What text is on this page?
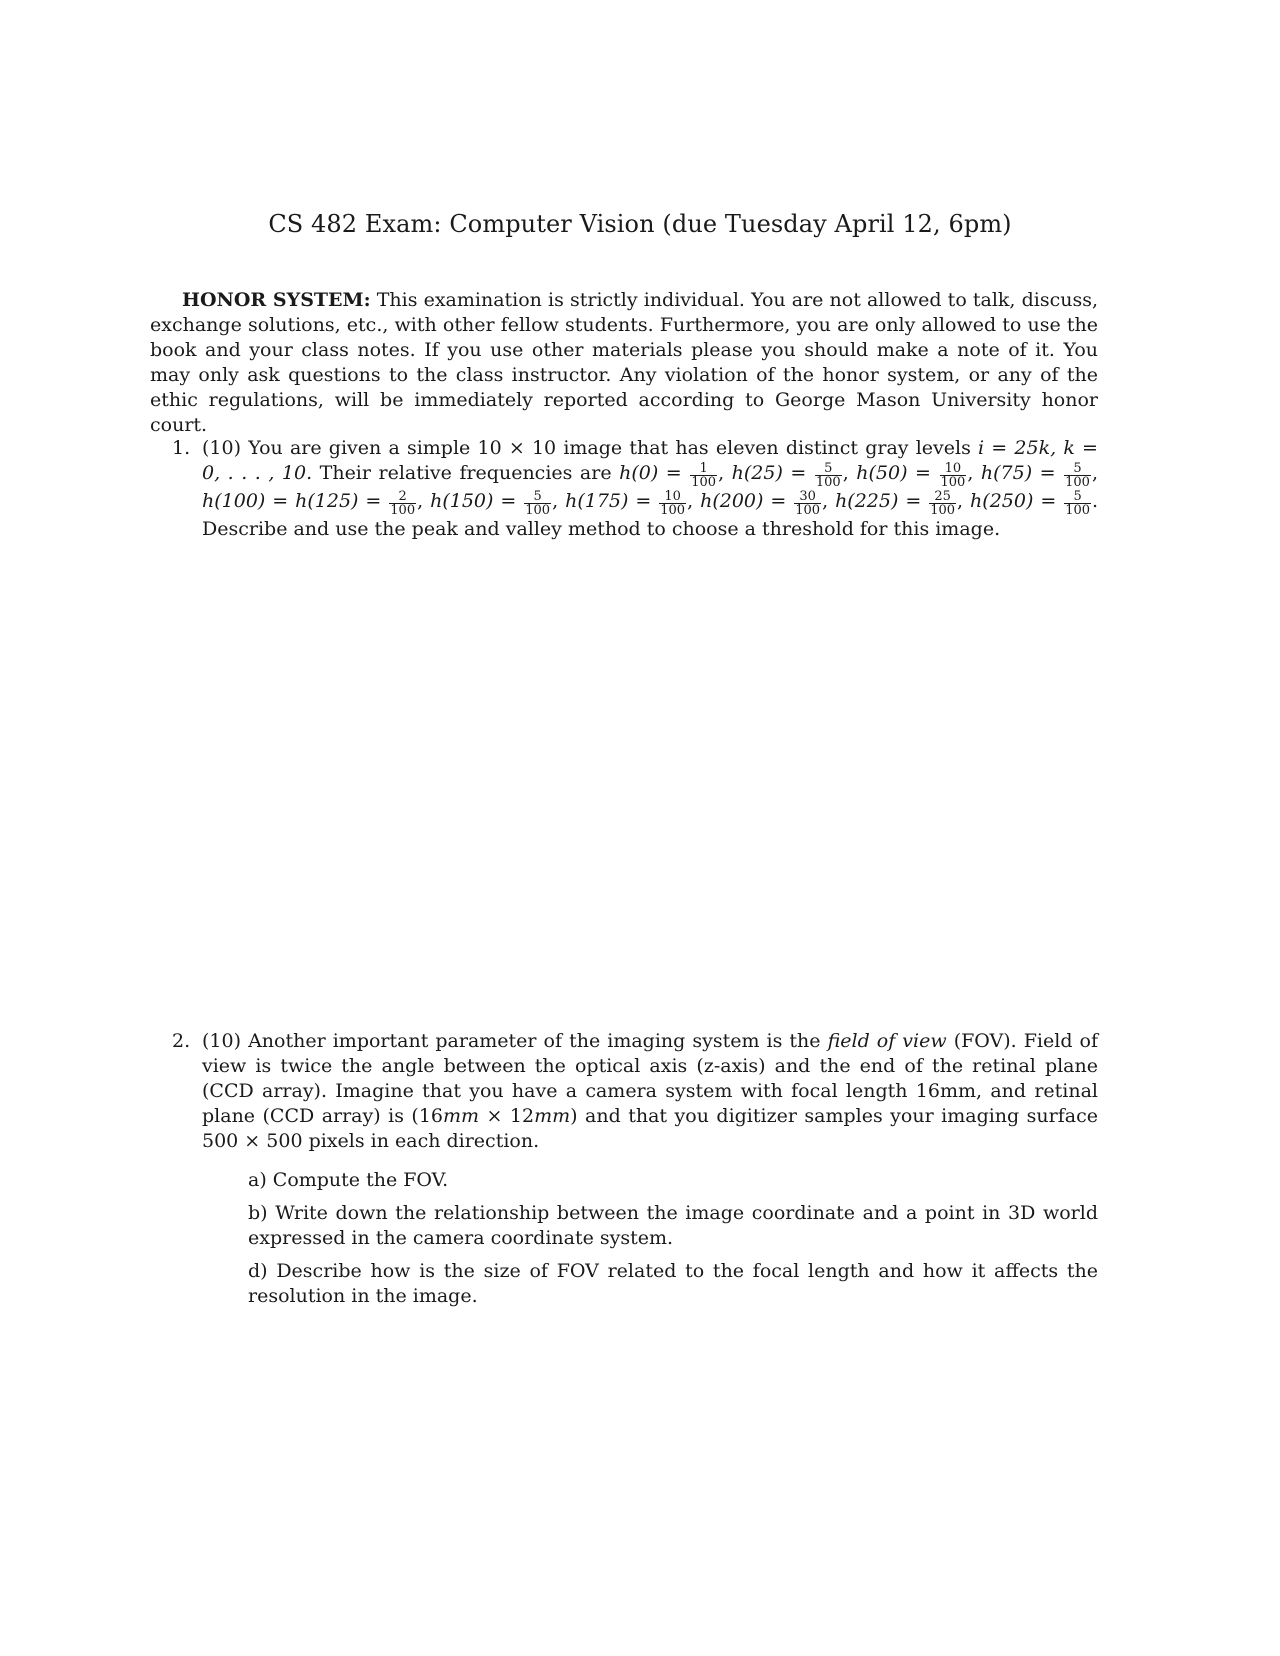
CS 482 Exam: Computer Vision (due Tuesday April 12, 6pm)
HONOR SYSTEM: This examination is strictly individual. You are not allowed to talk, discuss, exchange solutions, etc., with other fellow students. Furthermore, you are only allowed to use the book and your class notes. If you use other materials please you should make a note of it. You may only ask questions to the class instructor. Any violation of the honor system, or any of the ethic regulations, will be immediately reported according to George Mason University honor court.
1. (10) You are given a simple 10 × 10 image that has eleven distinct gray levels i = 25k, k = 0, . . . , 10. Their relative frequencies are $h(0) = \frac{1}{100}$ , $h(25) = \frac{5}{100}$ , $h(50) = \frac{10}{100}$ , $h(75) = \frac{5}{100}$ , $h(100) = h(125) = \frac{2}{100}$ , $h(150) = \frac{5}{100}$ , $h(175) = \frac{10}{100}$ , $h(200) = \frac{30}{100}$ , $h(225) = \frac{25}{100}$ , $h(250) = \frac{5}{100}$ . Describe and use the peak and valley method to choose a threshold for this image.
2. (10) Another important parameter of the imaging system is the field of view (FOV). Field of view is twice the angle between the optical axis (z-axis) and the end of the retinal plane (CCD array). Imagine that you have a camera system with focal length 16mm, and retinal plane (CCD array) is (16mm × 12mm) and that you digitizer samples your imaging surface 500 × 500 pixels in each direction.
a) Compute the FOV.
b) Write down the relationship between the image coordinate and a point in 3D world expressed in the camera coordinate system.
d) Describe how is the size of FOV related to the focal length and how it affects the resolution in the image.
